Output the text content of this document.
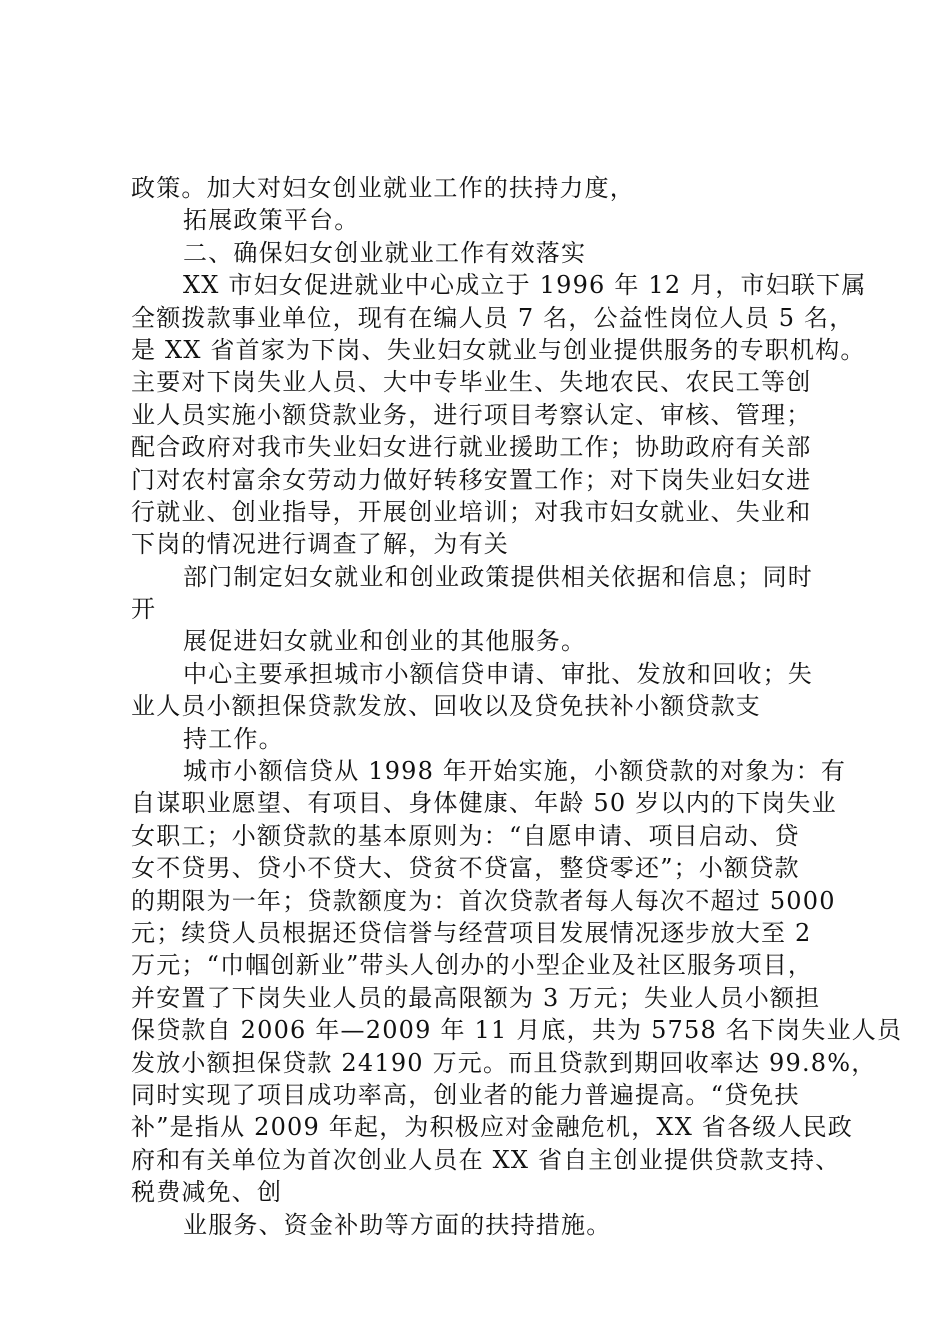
政策。加大对妇女创业就业工作的扶持力度，
拓展政策平台。
二、确保妇女创业就业工作有效落实
XX 市妇女促进就业中心成立于 1996 年 12 月，市妇联下属
全额拨款事业单位，现有在编人员 7 名，公益性岗位人员 5 名，
是 XX 省首家为下岗、失业妇女就业与创业提供服务的专职机构。
主要对下岗失业人员、大中专毕业生、失地农民、农民工等创
业人员实施小额贷款业务，进行项目考察认定、审核、管理；
配合政府对我市失业妇女进行就业援助工作；协助政府有关部
门对农村富余女劳动力做好转移安置工作；对下岗失业妇女进
行就业、创业指导，开展创业培训；对我市妇女就业、失业和
下岗的情况进行调查了解，为有关
部门制定妇女就业和创业政策提供相关依据和信息；同时
开
展促进妇女就业和创业的其他服务。
中心主要承担城市小额信贷申请、审批、发放和回收；失
业人员小额担保贷款发放、回收以及贷免扶补小额贷款支
持工作。
城市小额信贷从 1998 年开始实施，小额贷款的对象为：有
自谋职业愿望、有项目、身体健康、年龄 50 岁以内的下岗失业
女职工；小额贷款的基本原则为：“自愿申请、项目启动、贷
女不贷男、贷小不贷大、贷贫不贷富，整贷零还”；小额贷款
的期限为一年；贷款额度为：首次贷款者每人每次不超过 5000
元；续贷人员根据还贷信誉与经营项目发展情况逐步放大至 2
万元；“巾帼创新业”带头人创办的小型企业及社区服务项目，
并安置了下岗失业人员的最高限额为 3 万元；失业人员小额担
保贷款自 2006 年—2009 年 11 月底，共为 5758 名下岗失业人员
发放小额担保贷款 24190 万元。而且贷款到期回收率达 99.8%，
同时实现了项目成功率高，创业者的能力普遍提高。“贷免扶
补”是指从 2009 年起，为积极应对金融危机，XX 省各级人民政
府和有关单位为首次创业人员在 XX 省自主创业提供贷款支持、
税费减免、创
业服务、资金补助等方面的扶持措施。
